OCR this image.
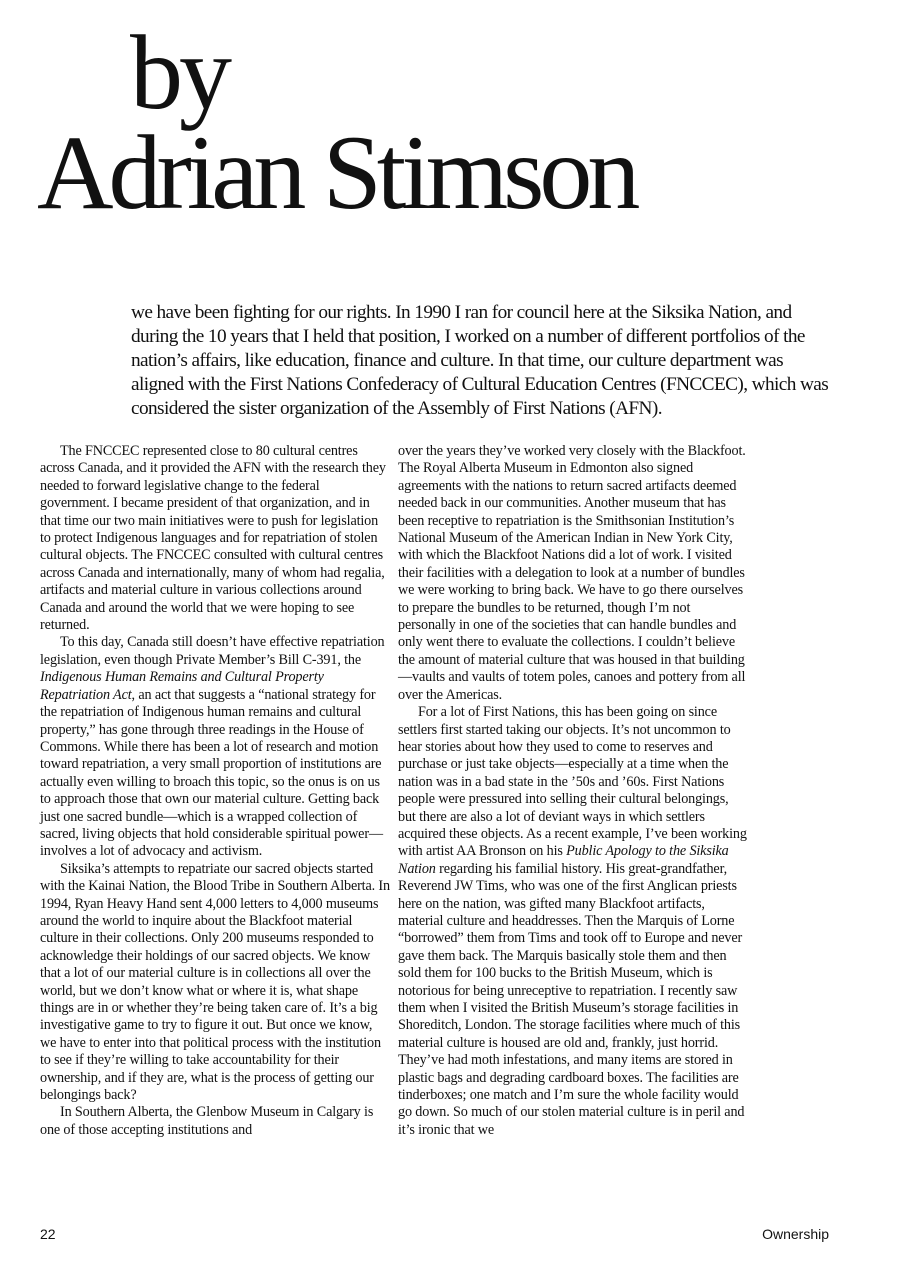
by
Adrian Stimson
we have been fighting for our rights. In 1990 I ran for council here at the Siksika Nation, and during the 10 years that I held that position, I worked on a number of different portfolios of the nation’s affairs, like education, finance and culture. In that time, our culture department was aligned with the First Nations Confederacy of Cultural Education Centres (FNCCEC), which was considered the sister organization of the Assembly of First Nations (AFN).

The FNCCEC represented close to 80 cultural centres across Canada, and it provided the AFN with the research they needed to forward legislative change to the federal government. I became president of that organization, and in that time our two main initiatives were to push for legislation to protect Indigenous languages and for repatriation of stolen cultural objects. The FNCCEC consulted with cultural centres across Canada and internationally, many of whom had regalia, artifacts and material culture in various collections around Canada and around the world that we were hoping to see returned.

To this day, Canada still doesn’t have effective repatriation legislation, even though Private Member’s Bill C-391, the Indigenous Human Remains and Cultural Property Repatriation Act, an act that suggests a “national strategy for the repatriation of Indigenous human remains and cultural property,” has gone through three readings in the House of Commons. While there has been a lot of research and motion toward repatriation, a very small proportion of institutions are actually even willing to broach this topic, so the onus is on us to approach those that own our material culture. Getting back just one sacred bundle—which is a wrapped collection of sacred, living objects that hold considerable spiritual power—involves a lot of advocacy and activism.

Siksika’s attempts to repatriate our sacred objects started with the Kainai Nation, the Blood Tribe in Southern Alberta. In 1994, Ryan Heavy Hand sent 4,000 letters to 4,000 museums around the world to inquire about the Blackfoot material culture in their collections. Only 200 museums responded to acknowledge their holdings of our sacred objects. We know that a lot of our material culture is in collections all over the world, but we don’t know what or where it is, what shape things are in or whether they’re being taken care of. It’s a big investigative game to try to figure it out. But once we know, we have to enter into that political process with the institution to see if they’re willing to take accountability for their ownership, and if they are, what is the process of getting our belongings back?

In Southern Alberta, the Glenbow Museum in Calgary is one of those accepting institutions and

over the years they’ve worked very closely with the Blackfoot. The Royal Alberta Museum in Edmonton also signed agreements with the nations to return sacred artifacts deemed needed back in our communities. Another museum that has been receptive to repatriation is the Smithsonian Institution’s National Museum of the American Indian in New York City, with which the Blackfoot Nations did a lot of work. I visited their facilities with a delegation to look at a number of bundles we were working to bring back. We have to go there ourselves to prepare the bundles to be returned, though I’m not personally in one of the societies that can handle bundles and only went there to evaluate the collections. I couldn’t believe the amount of material culture that was housed in that building—vaults and vaults of totem poles, canoes and pottery from all over the Americas.

For a lot of First Nations, this has been going on since settlers first started taking our objects. It’s not uncommon to hear stories about how they used to come to reserves and purchase or just take objects—especially at a time when the nation was in a bad state in the ’50s and ’60s. First Nations people were pressured into selling their cultural belongings, but there are also a lot of deviant ways in which settlers acquired these objects. As a recent example, I’ve been working with artist AA Bronson on his Public Apology to the Siksika Nation regarding his familial history. His great-grandfather, Reverend JW Tims, who was one of the first Anglican priests here on the nation, was gifted many Blackfoot artifacts, material culture and headdresses. Then the Marquis of Lorne “borrowed” them from Tims and took off to Europe and never gave them back. The Marquis basically stole them and then sold them for 100 bucks to the British Museum, which is notorious for being unreceptive to repatriation. I recently saw them when I visited the British Museum’s storage facilities in Shoreditch, London. The storage facilities where much of this material culture is housed are old and, frankly, just horrid. They’ve had moth infestations, and many items are stored in plastic bags and degrading cardboard boxes. The facilities are tinderboxes; one match and I’m sure the whole facility would go down. So much of our stolen material culture is in peril and it’s ironic that we

22	Ownership
